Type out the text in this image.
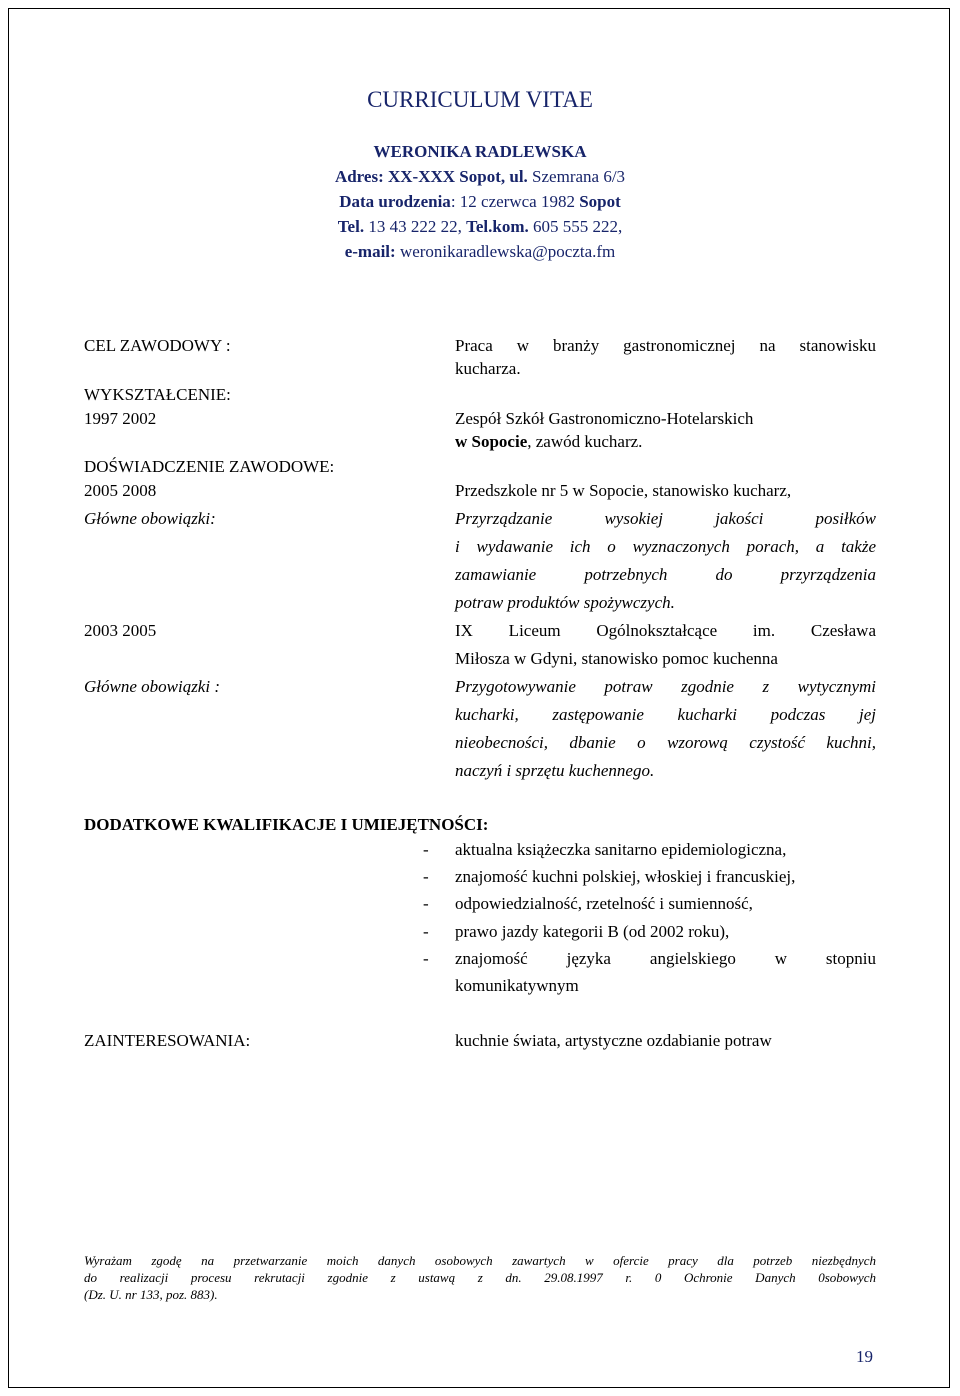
CURRICULUM VITAE
WERONIKA RADLEWSKA
Adres: XX-XXX Sopot, ul. Szemrana 6/3
Data urodzenia: 12 czerwca 1982 Sopot
Tel. 13 43 222 22, Tel.kom. 605 555 222,
e-mail: weronikaradlewska@poczta.fm
CEL ZAWODOWY :	Praca w branży gastronomicznej na stanowisku
kucharza.
WYKSZTAŁCENIE:
1997 2002	Zespół Szkół Gastronomiczno-Hotelarskich
w Sopocie, zawód kucharz.
DOŚWIADCZENIE ZAWODOWE:
2005 2008	Przedszkole nr 5 w Sopocie, stanowisko kucharz,
Główne obowiązki:	Przyrządzanie wysokiej jakości posiłków
i wydawanie ich o wyznaczonych porach, a także
zamawianie potrzebnych do przyrządzenia
potraw produktów spożywczych.
2003 2005	IX Liceum Ogólnokształcące im. Czesława
Miłosza w Gdyni, stanowisko pomoc kuchenna
Główne obowiązki :	Przygotowywanie potraw zgodnie z wytycznymi
kucharki, zastępowanie kucharki podczas jej
nieobecności, dbanie o wzorową czystość kuchni,
naczyń i sprzętu kuchennego.
DODATKOWE KWALIFIKACJE I UMIEJĘTNOŚCI:
- aktualna książeczka sanitarno epidemiologiczna,
- znajomość kuchni polskiej, włoskiej i francuskiej,
- odpowiedzialność, rzetelność i sumienność,
- prawo jazdy kategorii B (od 2002 roku),
- znajomość języka angielskiego w stopniu
komunikatywnym
ZAINTERESOWANIA:	kuchnie świata, artystyczne ozdabianie potraw
Wyrażam zgodę na przetwarzanie moich danych osobowych zawartych w ofercie pracy dla potrzeb niezbędnych
do realizacji procesu rekrutacji zgodnie z ustawą z dn. 29.08.1997 r. 0 Ochronie Danych 0sobowych
(Dz. U. nr 133, poz. 883).
19
